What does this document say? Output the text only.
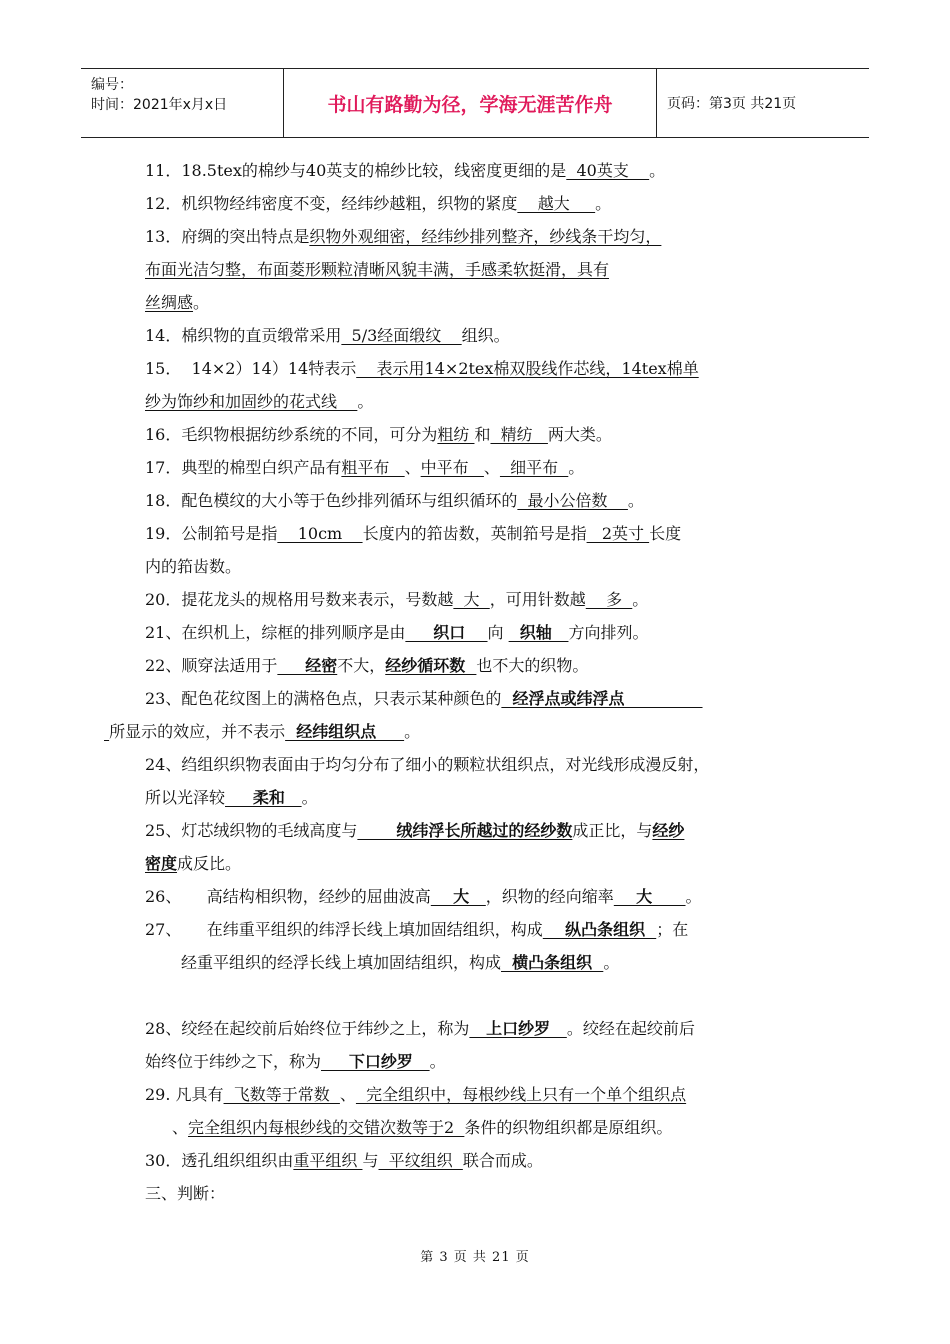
编号：
时间：2021年x月x日	书山有路勤为径，学海无涯苦作舟	页码：第3页 共21页
11．18.5tex的棉纱与40英支的棉纱比较，线密度更细的是  40英支    。
12．机织物经纬密度不变，经纬纱越粗，织物的紧度    越大     。
13．府绸的突出特点是织物外观细密，经纬纱排列整齐，纱线条干均匀，
布面光洁匀整，布面菱形颗粒清晰风貌丰满，手感柔软挺滑，具有
丝绸感。
14．棉织物的直贡缎常采用  5/3经面缎纹    组织。
15．  14×2）14）14特表示    表示用14×2tex棉双股线作芯线，14tex棉单
纱为饰纱和加固纱的花式线    。
16．毛织物根据纺纱系统的不同，可分为粗纺 和  精纺   两大类。
17．典型的棉型白织产品有粗平布   、中平布   、  细平布  。
18．配色模纹的大小等于色纱排列循环与组织循环的  最小公倍数    。
19．公制筘号是指    10cm    长度内的筘齿数，英制筘号是指   2英寸 长度
内的筘齿数。
20．提花龙头的规格用号数来表示，号数越  大  ，可用针数越    多  。
21、在织机上，综框的排列顺序是由     织口    向   织轴   方向排列。
22、顺穿法适用于     经密不大，经纱循环数  也不大的织物。
23、配色花纹图上的满格色点，只表示某种颜色的  经浮点或纬浮点
所显示的效应，并不表示  经纬组织点     。
24、绉组织织物表面由于均匀分布了细小的颗粒状组织点，对光线形成漫反射，
所以光泽较     柔和   。
25、灯芯绒织物的毛绒高度与       绒纬浮长所越过的经纱数成正比，与经纱
密度成反比。
26、     高结构相织物，经纱的屈曲波高    大   ，织物的经向缩率    大      。
27、     在纬重平组织的纬浮长线上填加固结组织，构成    纵凸条组织  ；在
经重平组织的经浮长线上填加固结组织，构成  横凸条组织  。
28、绞经在起绞前后始终位于纬纱之上，称为   上口纱罗   。绞经在起绞前后
始终位于纬纱之下，称为     下口纱罗   。
29. 凡具有  飞数等于常数  、  完全组织中，每根纱线上只有一个单个组织点
、完全组织内每根纱线的交错次数等于2  条件的织物组织都是原组织。
30．透孔组织组织由重平组织 与  平纹组织  联合而成。
三、判断：
第 3 页 共 21 页
